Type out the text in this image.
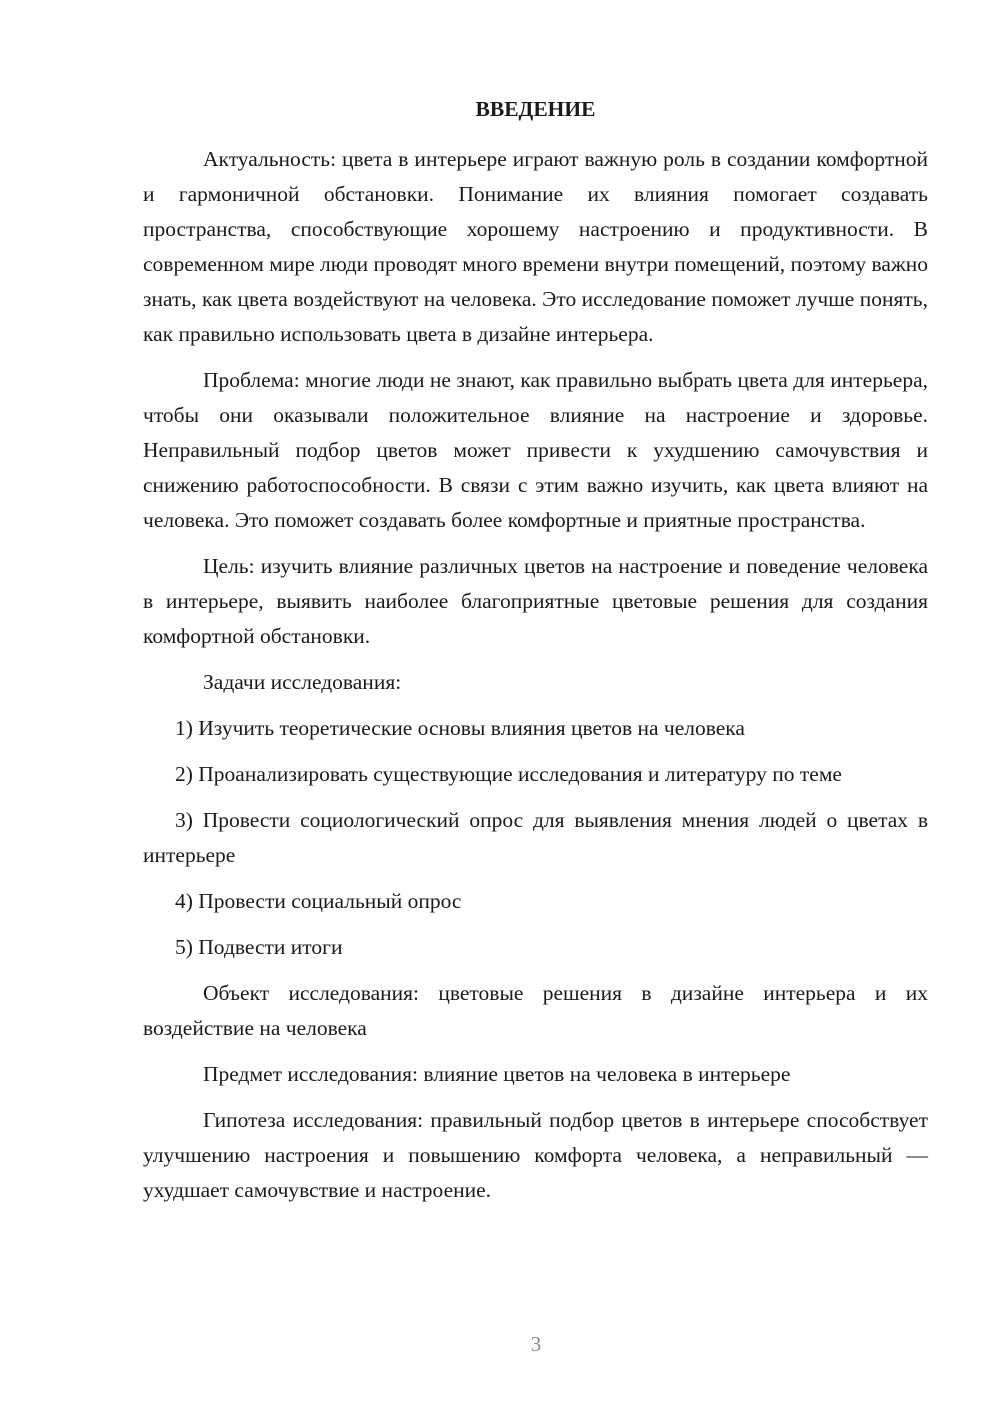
ВВЕДЕНИЕ

Актуальность: цвета в интерьере играют важную роль в создании комфортной и гармоничной обстановки. Понимание их влияния помогает создавать пространства, способствующие хорошему настроению и продуктивности. В современном мире люди проводят много времени внутри помещений, поэтому важно знать, как цвета воздействуют на человека. Это исследование поможет лучше понять, как правильно использовать цвета в дизайне интерьера.

Проблема: многие люди не знают, как правильно выбрать цвета для интерьера, чтобы они оказывали положительное влияние на настроение и здоровье. Неправильный подбор цветов может привести к ухудшению самочувствия и снижению работоспособности. В связи с этим важно изучить, как цвета влияют на человека. Это поможет создавать более комфортные и приятные пространства.

Цель: изучить влияние различных цветов на настроение и поведение человека в интерьере, выявить наиболее благоприятные цветовые решения для создания комфортной обстановки.

Задачи исследования:

1) Изучить теоретические основы влияния цветов на человека

2) Проанализировать существующие исследования и литературу по теме

3) Провести социологический опрос для выявления мнения людей о цветах в интерьере

4) Провести социальный опрос

5) Подвести итоги

Объект исследования: цветовые решения в дизайне интерьера и их воздействие на человека

Предмет исследования: влияние цветов на человека в интерьере

Гипотеза исследования: правильный подбор цветов в интерьере способствует улучшению настроения и повышению комфорта человека, а неправильный — ухудшает самочувствие и настроение.

3
